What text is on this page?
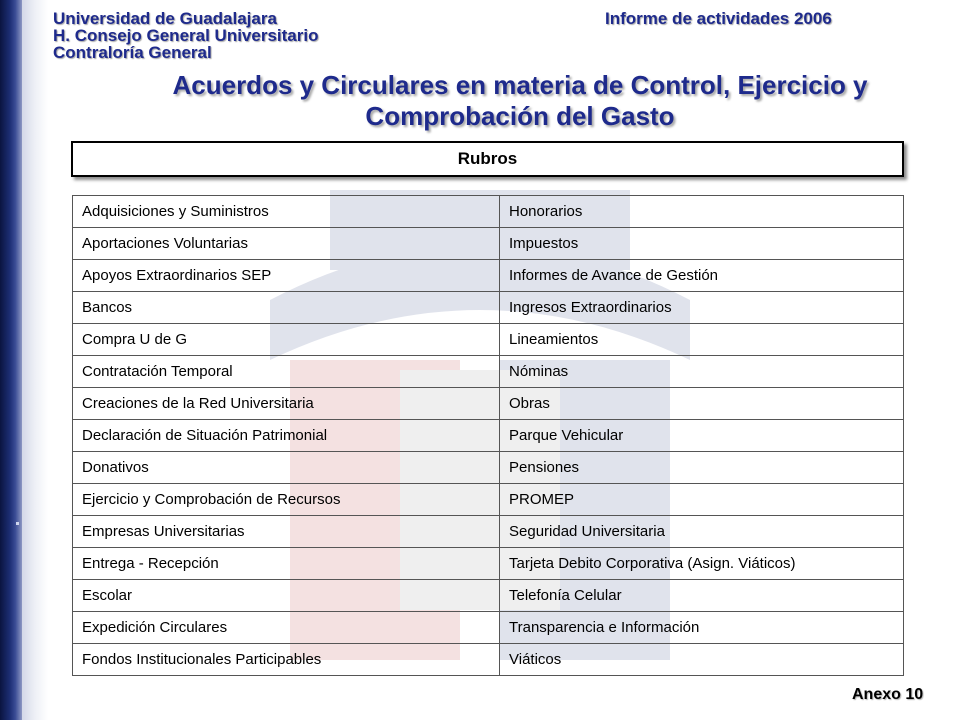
Universidad de Guadalajara
H. Consejo General Universitario
Contraloría General
Informe de actividades 2006
Acuerdos y Circulares en materia de Control, Ejercicio y
Comprobación del Gasto
Rubros
Adquisiciones y Suministros	Honorarios
Aportaciones Voluntarias	Impuestos
Apoyos Extraordinarios SEP	Informes de Avance de Gestión
Bancos	Ingresos Extraordinarios
Compra U de G	Lineamientos
Contratación Temporal	Nóminas
Creaciones de la Red Universitaria	Obras
Declaración de Situación Patrimonial	Parque Vehicular
Donativos	Pensiones
Ejercicio y Comprobación de Recursos	PROMEP
Empresas Universitarias	Seguridad Universitaria
Entrega - Recepción	Tarjeta Debito Corporativa (Asign. Viáticos)
Escolar	Telefonía Celular
Expedición Circulares	Transparencia e Información
Fondos Institucionales Participables	Viáticos
Anexo 10
